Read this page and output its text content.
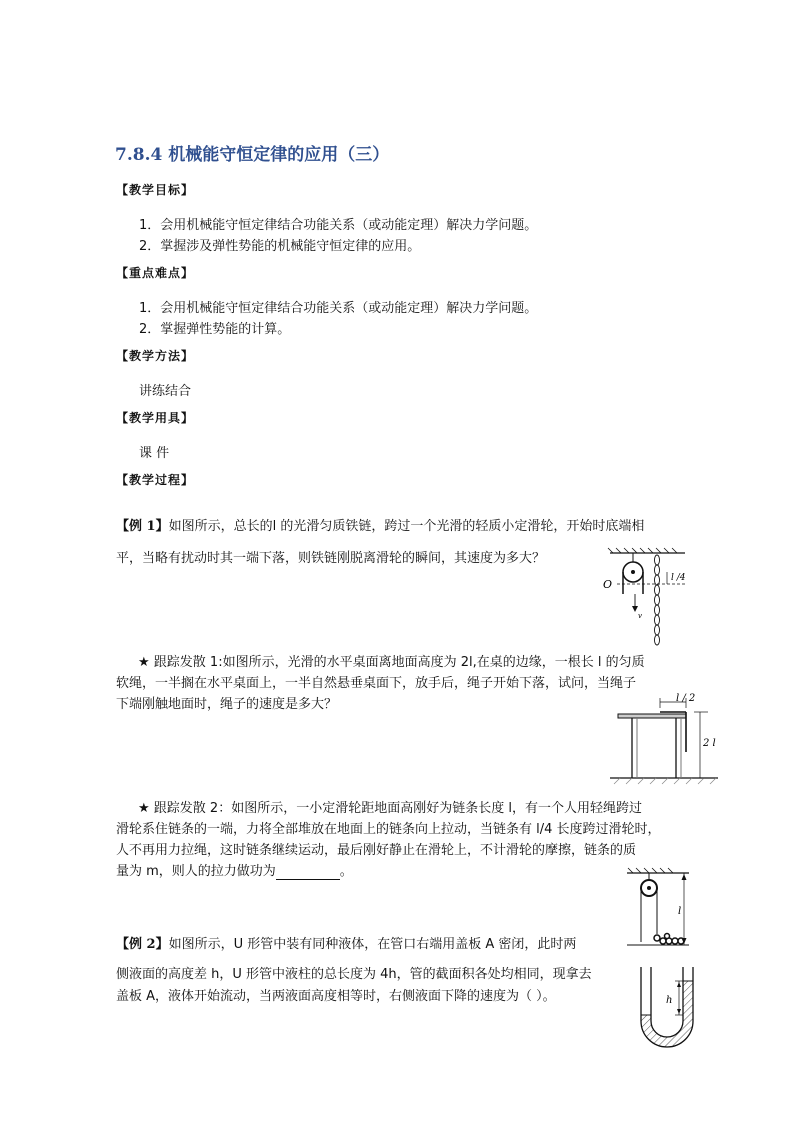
7.8.4 机械能守恒定律的应用（三）
【教学目标】
1．会用机械能守恒定律结合功能关系（或动能定理）解决力学问题。
2．掌握涉及弹性势能的机械能守恒定律的应用。
【重点难点】
1．会用机械能守恒定律结合功能关系（或动能定理）解决力学问题。
2．掌握弹性势能的计算。
【教学方法】
讲练结合
【教学用具】
课 件
【教学过程】
【例 1】如图所示，总长的l 的光滑匀质铁链，跨过一个光滑的轻质小定滑轮，开始时底端相
平，当略有扰动时其一端下落，则铁链刚脱离滑轮的瞬间，其速度为多大？
O	l /4
v
★ 跟踪发散 1:如图所示，光滑的水平桌面离地面高度为 2l,在桌的边缘，一根长 l 的匀质
软绳，一半搁在水平桌面上，一半自然悬垂桌面下，放手后，绳子开始下落，试问，当绳子
下端刚触地面时，绳子的速度是多大？	l / 2
2 l
★ 跟踪发散 2：如图所示，一小定滑轮距地面高刚好为链条长度 l，有一个人用轻绳跨过
滑轮系住链条的一端，力将全部堆放在地面上的链条向上拉动，当链条有 l/4 长度跨过滑轮时，
人不再用力拉绳，这时链条继续运动，最后刚好静止在滑轮上，不计滑轮的摩擦，链条的质
量为 m，则人的拉力做功为	。
l
【例 2】如图所示，U 形管中装有同种液体，在管口右端用盖板 A 密闭，此时两
侧液面的高度差 h，U 形管中液柱的总长度为 4h，管的截面积各处均相同，现拿去
盖板 A，液体开始流动，当两液面高度相等时，右侧液面下降的速度为（ ）。	h
